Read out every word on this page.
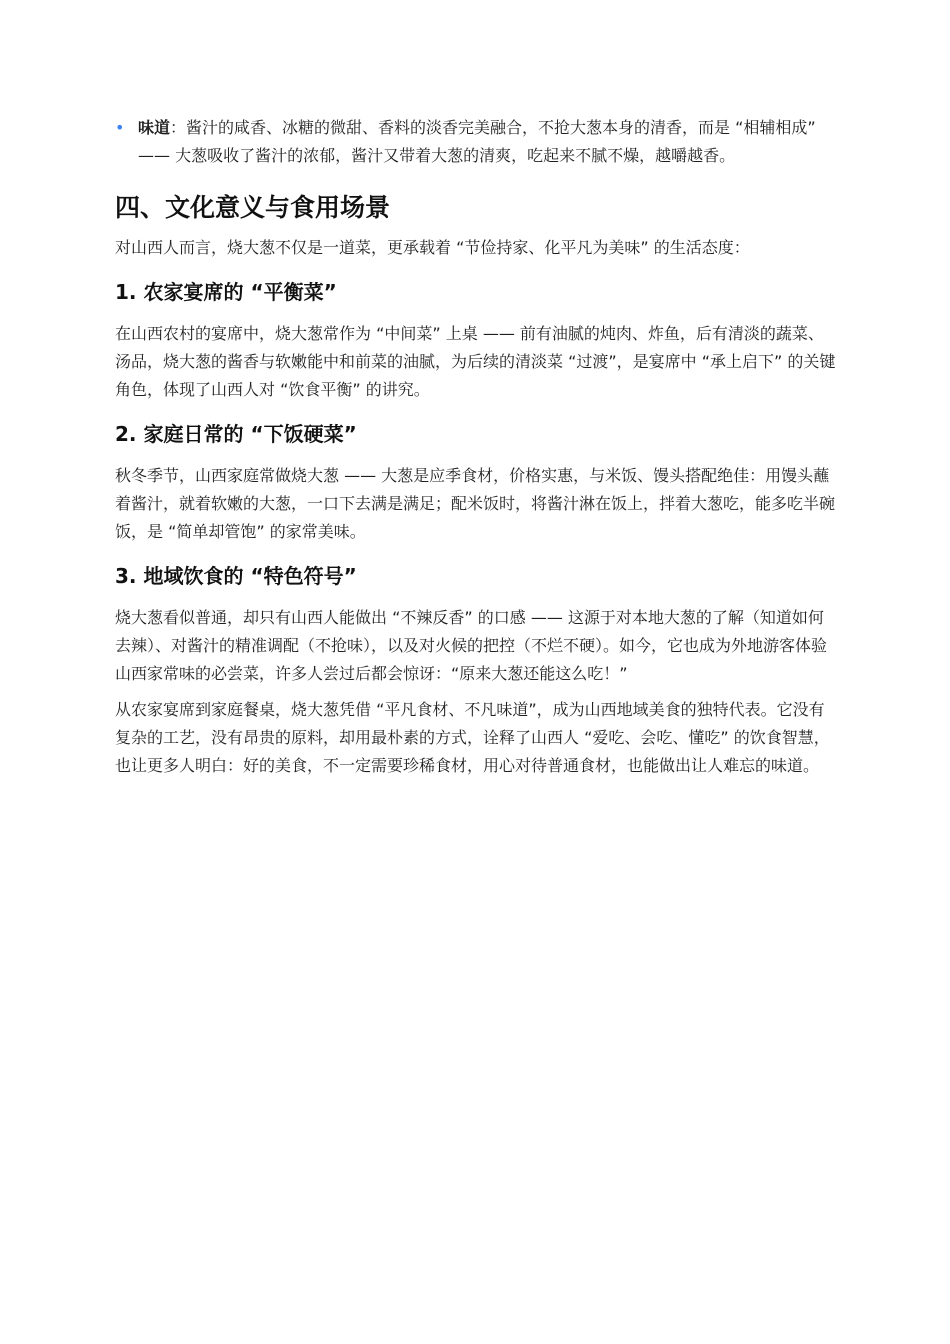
• 味道：酱汁的咸香、冰糖的微甜、香料的淡香完美融合，不抢大葱本身的清香，而是 “相辅相成” —— 大葱吸收了酱汁的浓郁，酱汁又带着大葱的清爽，吃起来不腻不燥，越嚼越香。
四、文化意义与食用场景

对山西人而言，烧大葱不仅是一道菜，更承载着 “节俭持家、化平凡为美味” 的生活态度：

1. 农家宴席的 “平衡菜”

在山西农村的宴席中，烧大葱常作为 “中间菜” 上桌 —— 前有油腻的炖肉、炸鱼，后有清淡的蔬菜、汤品，烧大葱的酱香与软嫩能中和前菜的油腻，为后续的清淡菜 “过渡”，是宴席中 “承上启下” 的关键角色，体现了山西人对 “饮食平衡” 的讲究。

2. 家庭日常的 “下饭硬菜”

秋冬季节，山西家庭常做烧大葱 —— 大葱是应季食材，价格实惠，与米饭、馒头搭配绝佳：用馒头蘸着酱汁，就着软嫩的大葱，一口下去满是满足；配米饭时，将酱汁淋在饭上，拌着大葱吃，能多吃半碗饭，是 “简单却管饱” 的家常美味。

3. 地域饮食的 “特色符号”

烧大葱看似普通，却只有山西人能做出 “不辣反香” 的口感 —— 这源于对本地大葱的了解（知道如何去辣）、对酱汁的精准调配（不抢味），以及对火候的把控（不烂不硬）。如今，它也成为外地游客体验山西家常味的必尝菜，许多人尝过后都会惊讶：“原来大葱还能这么吃！”

从农家宴席到家庭餐桌，烧大葱凭借 “平凡食材、不凡味道”，成为山西地域美食的独特代表。它没有复杂的工艺，没有昂贵的原料，却用最朴素的方式，诠释了山西人 “爱吃、会吃、懂吃” 的饮食智慧，也让更多人明白：好的美食，不一定需要珍稀食材，用心对待普通食材，也能做出让人难忘的味道。
